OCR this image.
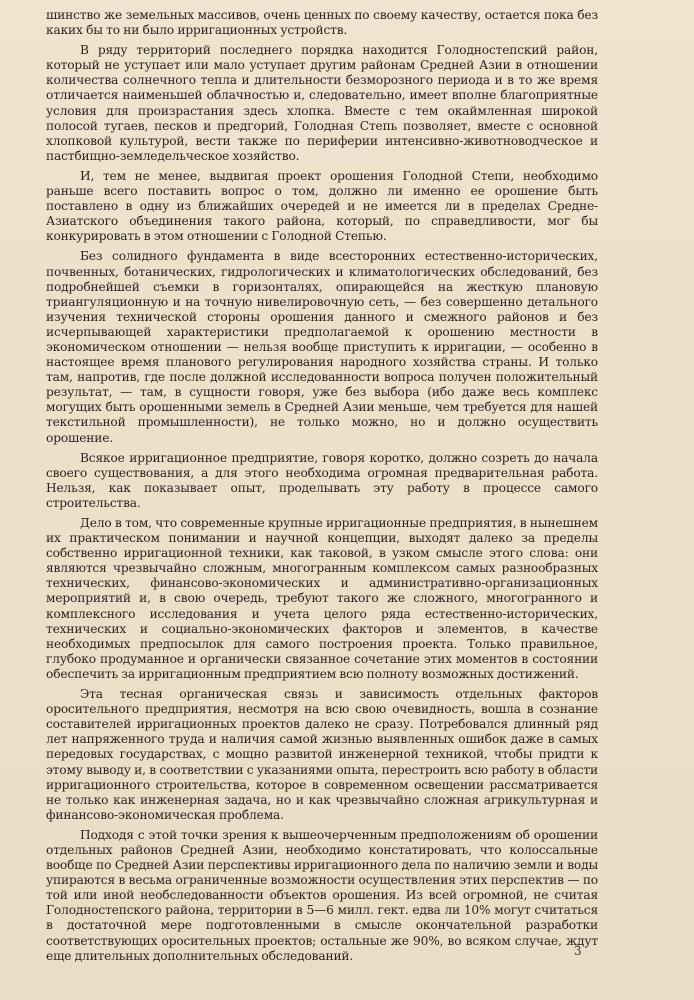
шинство же земельных массивов, очень ценных по своему качеству, остается пока без каких бы то ни было ирригационных устройств.

В ряду территорий последнего порядка находится Голодностепский район, который не уступает или мало уступает другим районам Средней Азии в отношении количества солнечного тепла и длительности безморозного периода и в то же время отличается наименьшей облачностью и, следовательно, имеет вполне благоприятные условия для произрастания здесь хлопка. Вместе с тем окаймленная широкой полосой тугаев, песков и предгорий, Голодная Степь позволяет, вместе с основной хлопковой культурой, вести также по периферии интенсивно-животноводческое и пастбищно-земледельческое хозяйство.

И, тем не менее, выдвигая проект орошения Голодной Степи, необходимо раньше всего поставить вопрос о том, должно ли именно ее орошение быть поставлено в одну из ближайших очередей и не имеется ли в пределах Средне-Азиатского объединения такого района, который, по справедливости, мог бы конкурировать в этом отношении с Голодной Степью.

Без солидного фундамента в виде всесторонних естественно-исторических, почвенных, ботанических, гидрологических и климатологических обследований, без подробнейшей съемки в горизонталях, опирающейся на жесткую плановую триангуляционную и на точную нивелировочную сеть, — без совершенно детального изучения технической стороны орошения данного и смежного районов и без исчерпывающей характеристики предполагаемой к орошению местности в экономическом отношении — нельзя вообще приступить к ирригации, — особенно в настоящее время планового регулирования народного хозяйства страны. И только там, напротив, где после должной исследованности вопроса получен положительный результат, — там, в сущности говоря, уже без выбора (ибо даже весь комплекс могущих быть орошенными земель в Средней Азии меньше, чем требуется для нашей текстильной промышленности), не только можно, но и должно осуществить орошение.

Всякое ирригационное предприятие, говоря коротко, должно созреть до начала своего существования, а для этого необходима огромная предварительная работа. Нельзя, как показывает опыт, проделывать эту работу в процессе самого строительства.

Дело в том, что современные крупные ирригационные предприятия, в нынешнем их практическом понимании и научной концепции, выходят далеко за пределы собственно ирригационной техники, как таковой, в узком смысле этого слова: они являются чрезвычайно сложным, многогранным комплексом самых разнообразных технических, финансово-экономических и административно-организационных мероприятий и, в свою очередь, требуют такого же сложного, многогранного и комплексного исследования и учета целого ряда естественно-исторических, технических и социально-экономических факторов и элементов, в качестве необходимых предпосылок для самого построения проекта. Только правильное, глубоко продуманное и органически связанное сочетание этих моментов в состоянии обеспечить за ирригационным предприятием всю полноту возможных достижений.

Эта тесная органическая связь и зависимость отдельных факторов оросительного предприятия, несмотря на всю свою очевидность, вошла в сознание составителей ирригационных проектов далеко не сразу. Потребовался длинный ряд лет напряженного труда и наличия самой жизнью выявленных ошибок даже в самых передовых государствах, с мощно развитой инженерной техникой, чтобы придти к этому выводу и, в соответствии с указаниями опыта, перестроить всю работу в области ирригационного строительства, которое в современном освещении рассматривается не только как инженерная задача, но и как чрезвычайно сложная агрикультурная и финансово-экономическая проблема.

Подходя с этой точки зрения к вышеочерченным предположениям об орошении отдельных районов Средней Азии, необходимо констатировать, что колоссальные вообще по Средней Азии перспективы ирригационного дела по наличию земли и воды упираются в весьма ограниченные возможности осуществления этих перспектив — по той или иной необследованности объектов орошения. Из всей огромной, не считая Голодностепского района, территории в 5—6 милл. гект. едва ли 10% могут считаться в достаточной мере подготовленными в смысле окончательной разработки соответствующих оросительных проектов; остальные же 90%, во всяком случае, ждут еще длительных дополнительных обследований.	3
